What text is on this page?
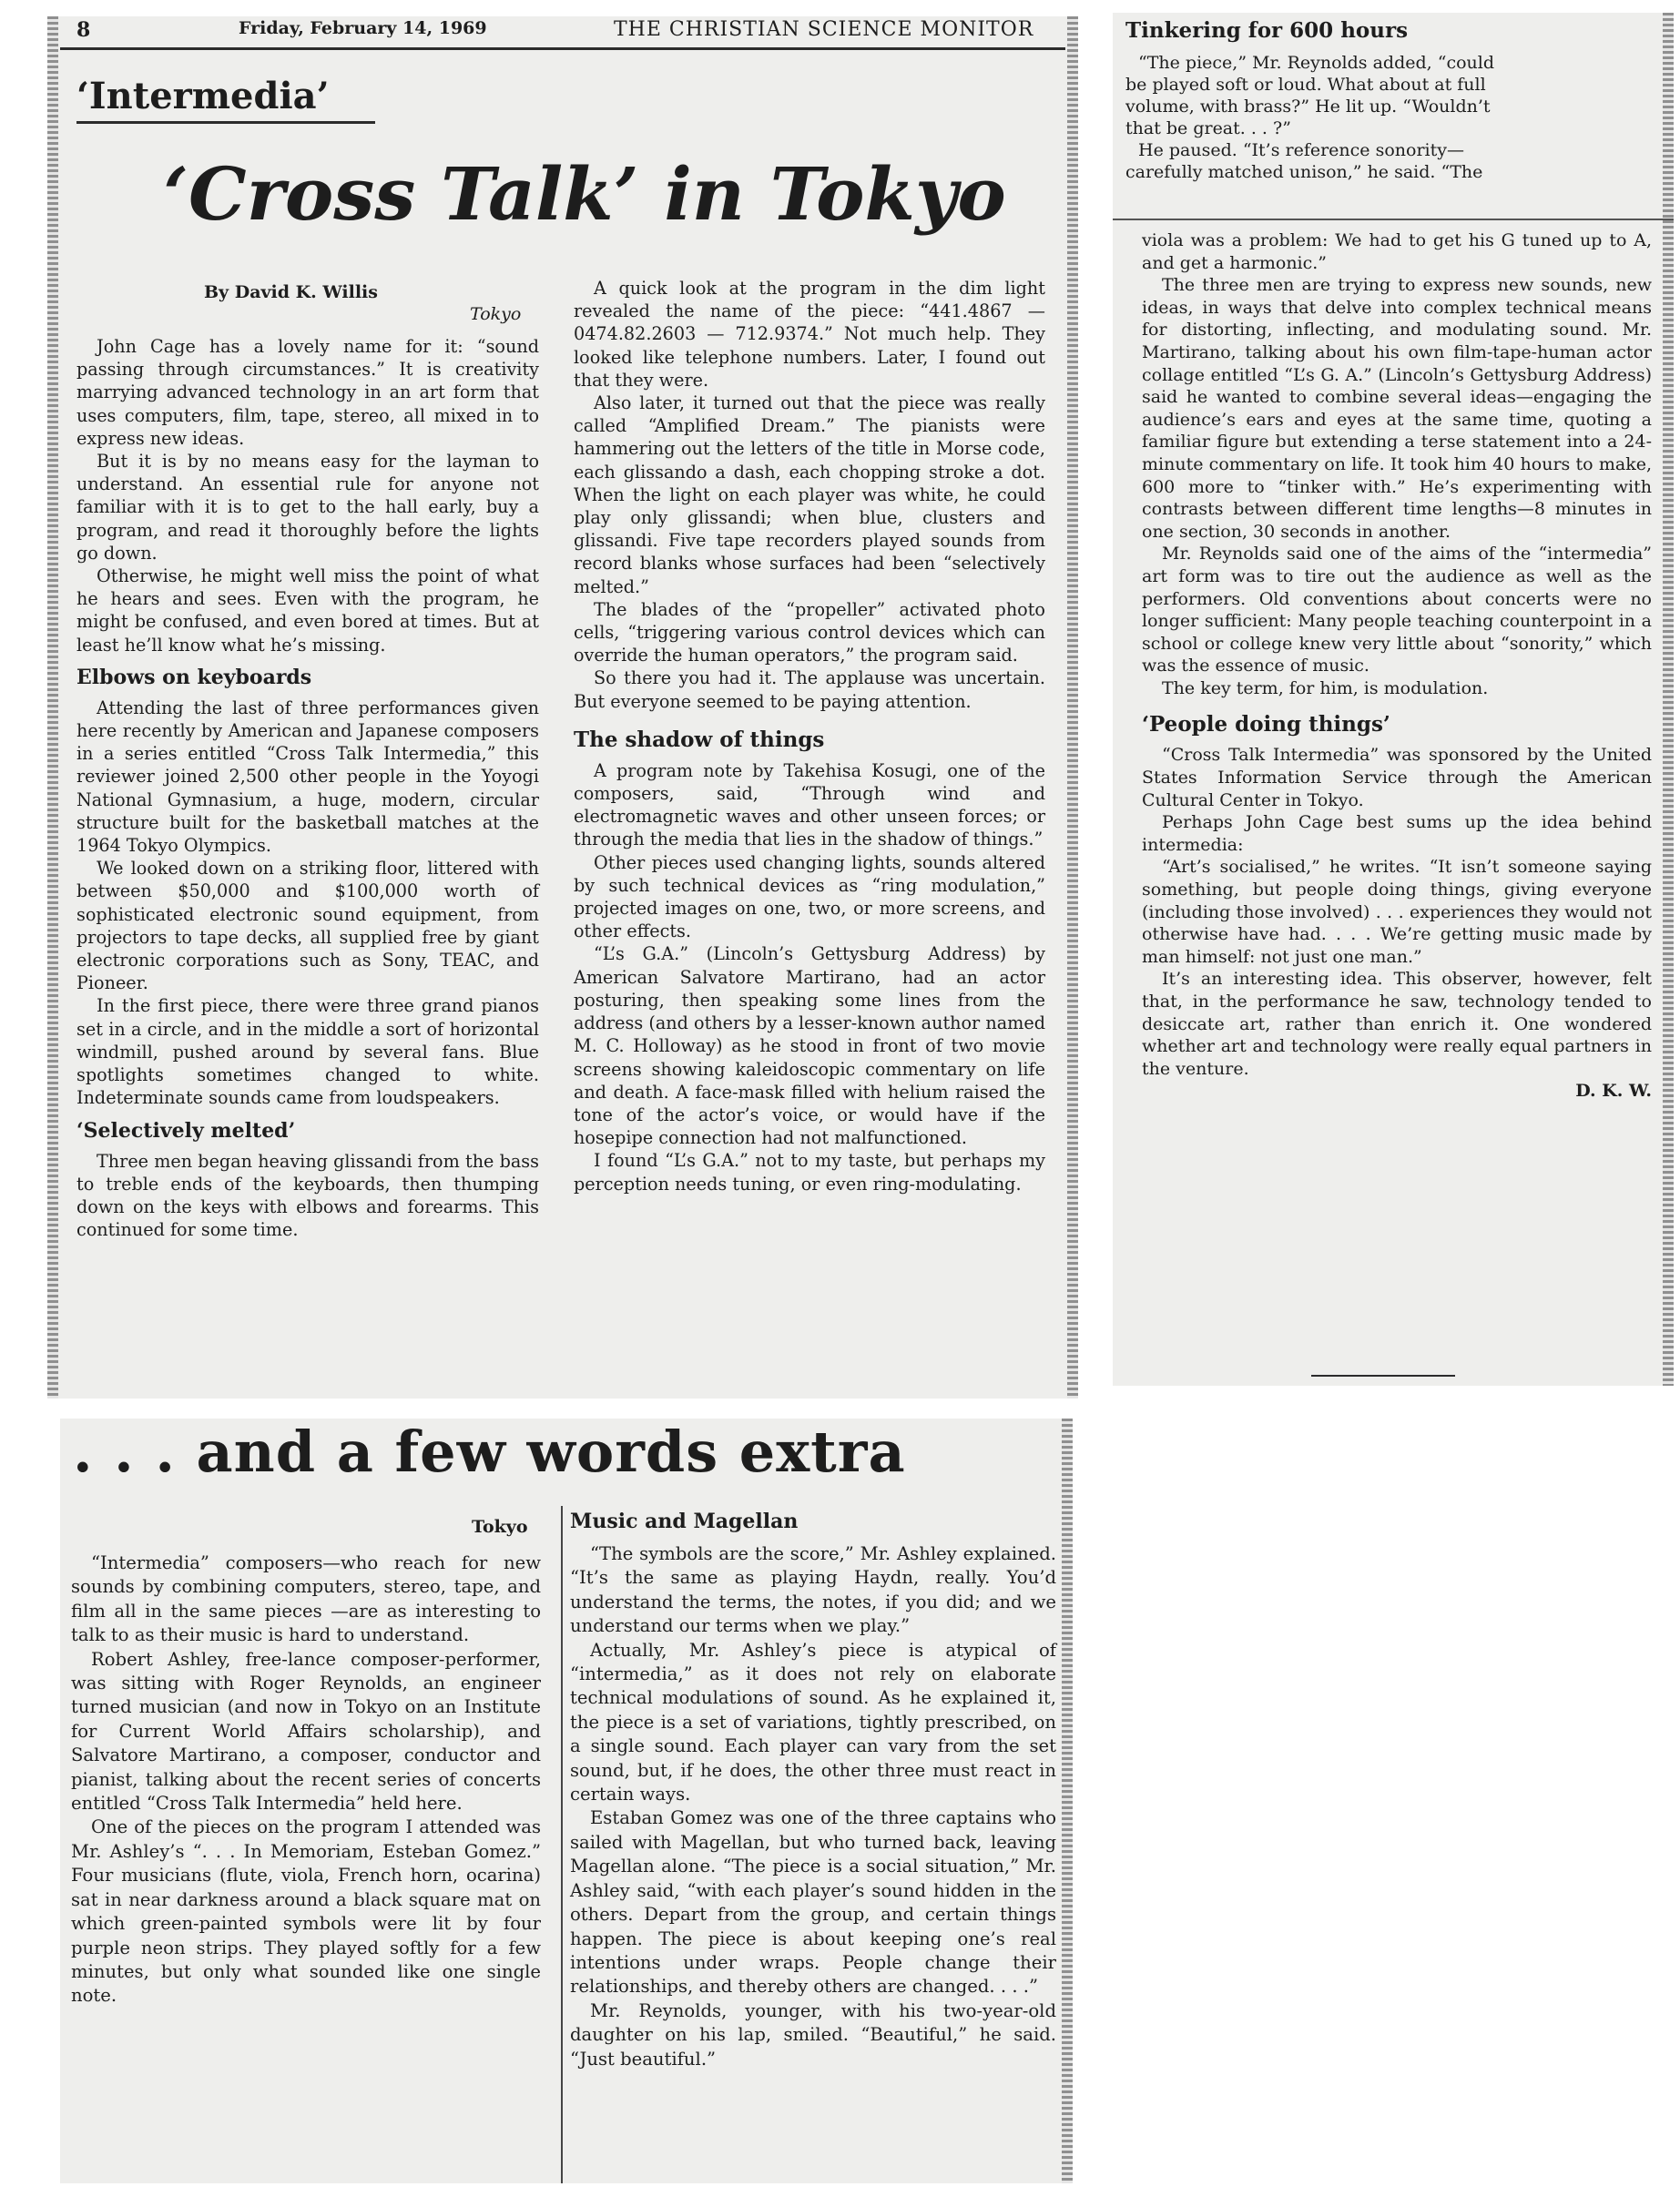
8	Friday, February 14, 1969	THE CHRISTIAN SCIENCE MONITOR
‘Intermedia’
‘Cross Talk’ in Tokyo
By David K. Willis
Tokyo

John Cage has a lovely name for it: “sound passing through circumstances.” It is creativity marrying advanced technology in an art form that uses computers, film, tape, stereo, all mixed in to express new ideas.

But it is by no means easy for the layman to understand. An essential rule for anyone not familiar with it is to get to the hall early, buy a program, and read it thoroughly before the lights go down.

Otherwise, he might well miss the point of what he hears and sees. Even with the program, he might be confused, and even bored at times. But at least he’ll know what he’s missing.

Elbows on keyboards

Attending the last of three performances given here recently by American and Japanese composers in a series entitled “Cross Talk Intermedia,” this reviewer joined 2,500 other people in the Yoyogi National Gymnasium, a huge, modern, circular structure built for the basketball matches at the 1964 Tokyo Olympics.

We looked down on a striking floor, littered with between $50,000 and $100,000 worth of sophisticated electronic sound equipment, from projectors to tape decks, all supplied free by giant electronic corporations such as Sony, TEAC, and Pioneer.

In the first piece, there were three grand pianos set in a circle, and in the middle a sort of horizontal windmill, pushed around by several fans. Blue spotlights sometimes changed to white. Indeterminate sounds came from loudspeakers.

‘Selectively melted’

Three men began heaving glissandi from the bass to treble ends of the keyboards, then thumping down on the keys with elbows and forearms. This continued for some time.

A quick look at the program in the dim light revealed the name of the piece: “441.4867 — 0474.82.2603 — 712.9374.” Not much help. They looked like telephone numbers. Later, I found out that they were.

Also later, it turned out that the piece was really called “Amplified Dream.” The pianists were hammering out the letters of the title in Morse code, each glissando a dash, each chopping stroke a dot. When the light on each player was white, he could play only glissandi; when blue, clusters and glissandi. Five tape recorders played sounds from record blanks whose surfaces had been “selectively melted.”

The blades of the “propeller” activated photo cells, “triggering various control devices which can override the human operators,” the program said.

So there you had it. The applause was uncertain. But everyone seemed to be paying attention.

The shadow of things

A program note by Takehisa Kosugi, one of the composers, said, “Through wind and electromagnetic waves and other unseen forces; or through the media that lies in the shadow of things.”

Other pieces used changing lights, sounds altered by such technical devices as “ring modulation,” projected images on one, two, or more screens, and other effects.

“L’s G.A.” (Lincoln’s Gettysburg Address) by American Salvatore Martirano, had an actor posturing, then speaking some lines from the address (and others by a lesser-known author named M. C. Holloway) as he stood in front of two movie screens showing kaleidoscopic commentary on life and death. A face-mask filled with helium raised the tone of the actor’s voice, or would have if the hosepipe connection had not malfunctioned.

I found “L’s G.A.” not to my taste, but perhaps my perception needs tuning, or even ring-modulating.

Tinkering for 600 hours
“The piece,” Mr. Reynolds added, “could
be played soft or loud. What about at full
volume, with brass?” He lit up. “Wouldn’t
that be great. . . ?”
He paused. “It’s reference sonority—
carefully matched unison,” he said. “The

viola was a problem: We had to get his G tuned up to A, and get a harmonic.”

The three men are trying to express new sounds, new ideas, in ways that delve into complex technical means for distorting, inflecting, and modulating sound. Mr. Martirano, talking about his own film-tape-human actor collage entitled “L’s G. A.” (Lincoln’s Gettysburg Address) said he wanted to combine several ideas—engaging the audience’s ears and eyes at the same time, quoting a familiar figure but extending a terse statement into a 24-minute commentary on life. It took him 40 hours to make, 600 more to “tinker with.” He’s experimenting with contrasts between different time lengths—8 minutes in one section, 30 seconds in another.

Mr. Reynolds said one of the aims of the “intermedia” art form was to tire out the audience as well as the performers. Old conventions about concerts were no longer sufficient: Many people teaching counterpoint in a school or college knew very little about “sonority,” which was the essence of music.

The key term, for him, is modulation.

‘People doing things’

“Cross Talk Intermedia” was sponsored by the United States Information Service through the American Cultural Center in Tokyo.

Perhaps John Cage best sums up the idea behind intermedia:

“Art’s socialised,” he writes. “It isn’t someone saying something, but people doing things, giving everyone (including those involved) . . . experiences they would not otherwise have had. . . . We’re getting music made by man himself: not just one man.”

It’s an interesting idea. This observer, however, felt that, in the performance he saw, technology tended to desiccate art, rather than enrich it. One wondered whether art and technology were really equal partners in the venture.

D. K. W.
. . . and a few words extra
Tokyo

“Intermedia” composers—who reach for new sounds by combining computers, stereo, tape, and film all in the same pieces —are as interesting to talk to as their music is hard to understand.

Robert Ashley, free-lance composer-performer, was sitting with Roger Reynolds, an engineer turned musician (and now in Tokyo on an Institute for Current World Affairs scholarship), and Salvatore Martirano, a composer, conductor and pianist, talking about the recent series of concerts entitled “Cross Talk Intermedia” held here.

One of the pieces on the program I attended was Mr. Ashley’s “. . . In Memoriam, Esteban Gomez.” Four musicians (flute, viola, French horn, ocarina) sat in near darkness around a black square mat on which green-painted symbols were lit by four purple neon strips. They played softly for a few minutes, but only what sounded like one single note.

Music and Magellan

“The symbols are the score,” Mr. Ashley explained. “It’s the same as playing Haydn, really. You’d understand the terms, the notes, if you did; and we understand our terms when we play.”

Actually, Mr. Ashley’s piece is atypical of “intermedia,” as it does not rely on elaborate technical modulations of sound. As he explained it, the piece is a set of variations, tightly prescribed, on a single sound. Each player can vary from the set sound, but, if he does, the other three must react in certain ways.

Estaban Gomez was one of the three captains who sailed with Magellan, but who turned back, leaving Magellan alone. “The piece is a social situation,” Mr. Ashley said, “with each player’s sound hidden in the others. Depart from the group, and certain things happen. The piece is about keeping one’s real intentions under wraps. People change their relationships, and thereby others are changed. . . .”

Mr. Reynolds, younger, with his two-year-old daughter on his lap, smiled. “Beautiful,” he said. “Just beautiful.”
